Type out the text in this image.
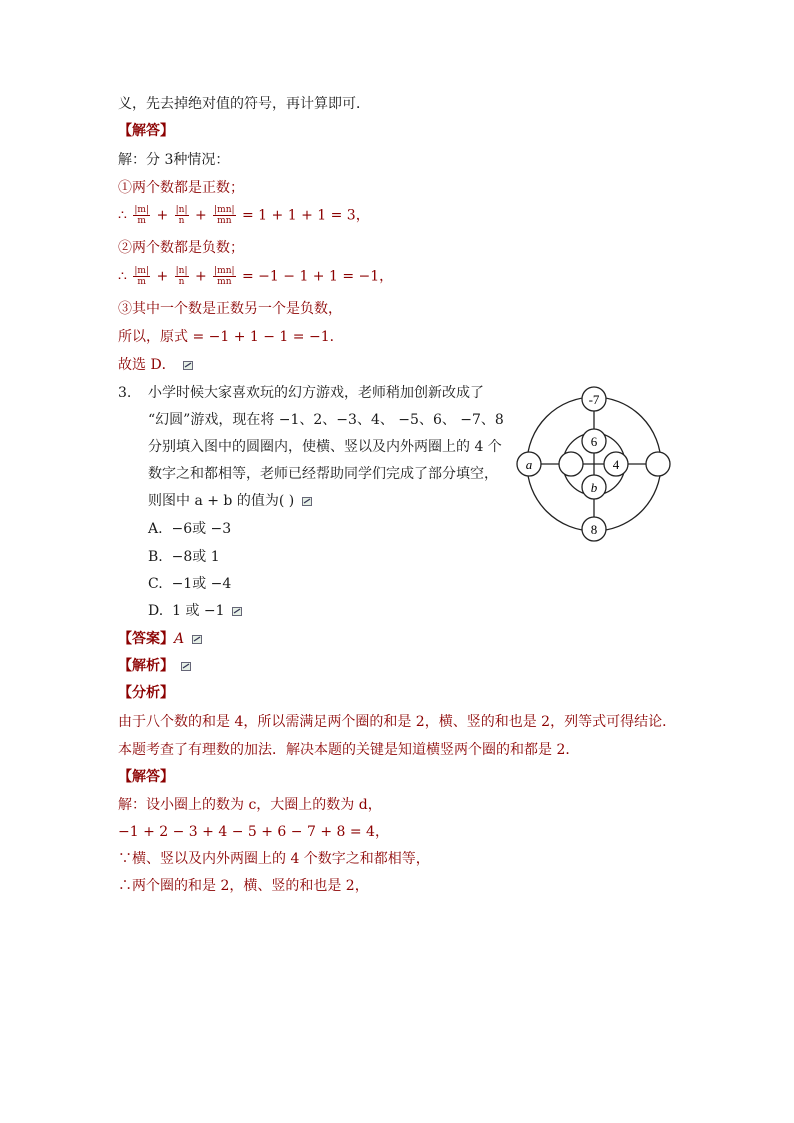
义，先去掉绝对值的符号，再计算即可．
【解答】
解：分 3种情况：
①两个数都是正数；
∴ $\frac{|m|}{m} + \frac{|n|}{n} + \frac{|mn|}{mn} = 1 + 1 + 1 = 3$，
②两个数都是负数；
∴ $\frac{|m|}{m} + \frac{|n|}{n} + \frac{|mn|}{mn} = -1 - 1 + 1 = -1$，
③其中一个数是正数另一个是负数，
所以，原式 = −1 + 1 − 1 = −1．
故选 D．
3. 小学时候大家喜欢玩的幻方游戏，老师稍加创新改成了
“幻圆”游戏，现在将 −1、2、−3、4、 −5、6、 −7、8
分别填入图中的圆圈内，使横、竖以及内外两圈上的 4 个
数字之和都相等，老师已经帮助同学们完成了部分填空，
则图中 a + b 的值为( )
A. −6或 −3
B. −8或 1
C. −1或 −4
D. 1 或 −1
-7
6
a	4
b
8
【答案】A
【解析】
【分析】
由于八个数的和是 4，所以需满足两个圈的和是 2，横、竖的和也是 2，列等式可得结论．
本题考查了有理数的加法．解决本题的关键是知道横竖两个圈的和都是 2．
【解答】
解：设小圈上的数为 c，大圈上的数为 d，
−1 + 2 − 3 + 4 − 5 + 6 − 7 + 8 = 4，
∵横、竖以及内外两圈上的 4 个数字之和都相等，
∴两个圈的和是 2，横、竖的和也是 2，
